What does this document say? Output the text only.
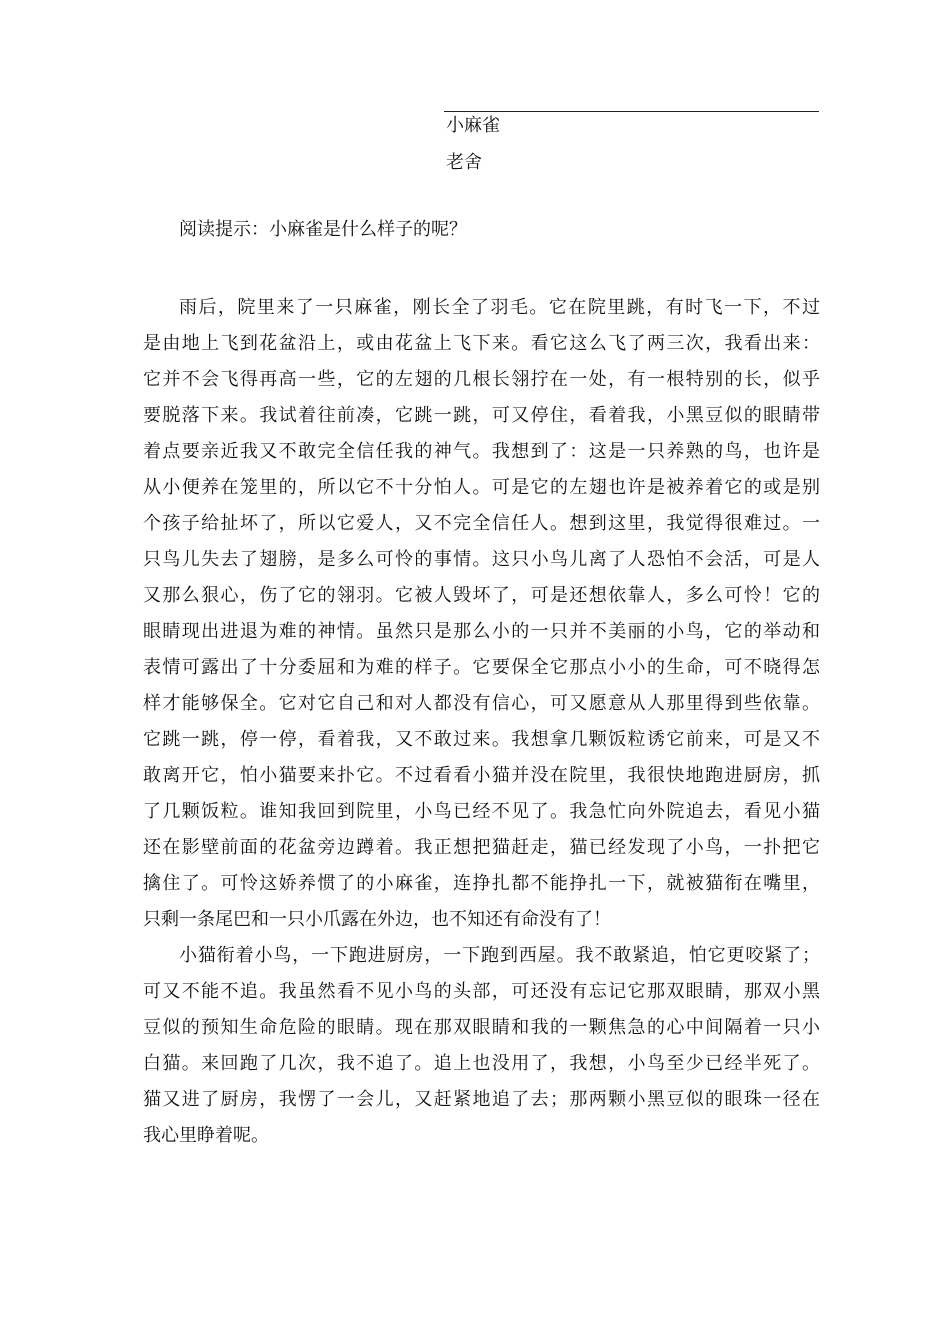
小麻雀
老舍
阅读提示：小麻雀是什么样子的呢？
雨后，院里来了一只麻雀，刚长全了羽毛。它在院里跳，有时飞一下，不过
是由地上飞到花盆沿上，或由花盆上飞下来。看它这么飞了两三次，我看出来：
它并不会飞得再高一些，它的左翅的几根长翎拧在一处，有一根特别的长，似乎
要脱落下来。我试着往前凑，它跳一跳，可又停住，看着我，小黑豆似的眼睛带
着点要亲近我又不敢完全信任我的神气。我想到了：这是一只养熟的鸟，也许是
从小便养在笼里的，所以它不十分怕人。可是它的左翅也许是被养着它的或是别
个孩子给扯坏了，所以它爱人，又不完全信任人。想到这里，我觉得很难过。一
只鸟儿失去了翅膀，是多么可怜的事情。这只小鸟儿离了人恐怕不会活，可是人
又那么狠心，伤了它的翎羽。它被人毁坏了，可是还想依靠人，多么可怜！它的
眼睛现出进退为难的神情。虽然只是那么小的一只并不美丽的小鸟，它的举动和
表情可露出了十分委屈和为难的样子。它要保全它那点小小的生命，可不晓得怎
样才能够保全。它对它自己和对人都没有信心，可又愿意从人那里得到些依靠。
它跳一跳，停一停，看着我，又不敢过来。我想拿几颗饭粒诱它前来，可是又不
敢离开它，怕小猫要来扑它。不过看看小猫并没在院里，我很快地跑进厨房，抓
了几颗饭粒。谁知我回到院里，小鸟已经不见了。我急忙向外院追去，看见小猫
还在影壁前面的花盆旁边蹲着。我正想把猫赶走，猫已经发现了小鸟，一扑把它
擒住了。可怜这娇养惯了的小麻雀，连挣扎都不能挣扎一下，就被猫衔在嘴里，
只剩一条尾巴和一只小爪露在外边，也不知还有命没有了！
小猫衔着小鸟，一下跑进厨房，一下跑到西屋。我不敢紧追，怕它更咬紧了；
可又不能不追。我虽然看不见小鸟的头部，可还没有忘记它那双眼睛，那双小黑
豆似的预知生命危险的眼睛。现在那双眼睛和我的一颗焦急的心中间隔着一只小
白猫。来回跑了几次，我不追了。追上也没用了，我想，小鸟至少已经半死了。
猫又进了厨房，我愣了一会儿，又赶紧地追了去；那两颗小黑豆似的眼珠一径在
我心里睁着呢。
